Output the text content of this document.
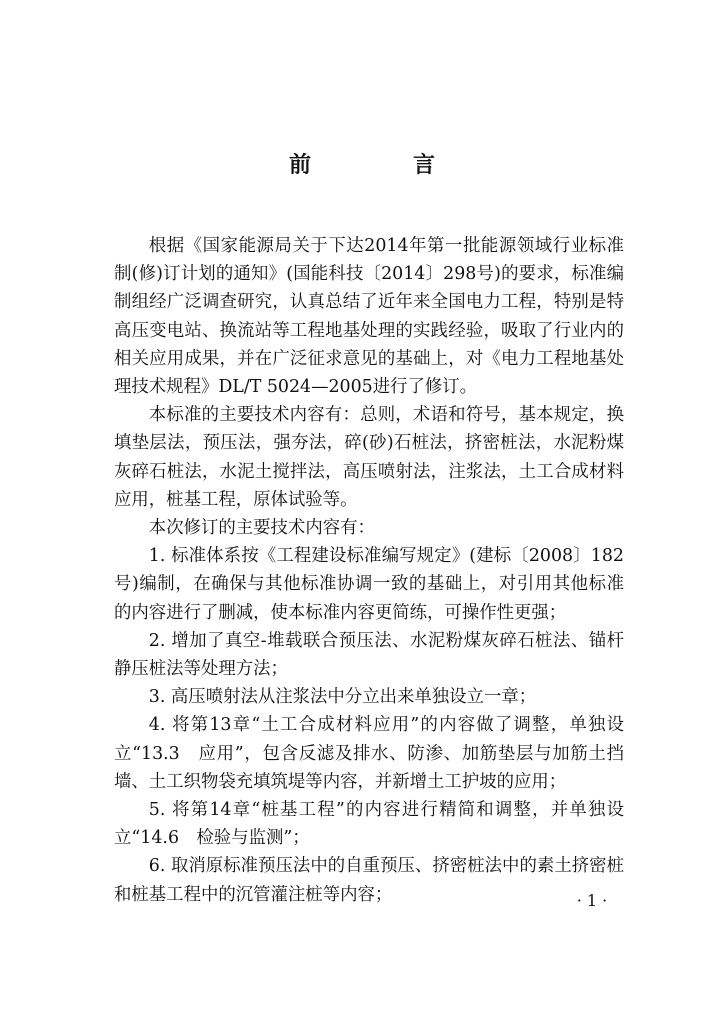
前　言

根据《国家能源局关于下达2014年第一批能源领域行业标准制(修)订计划的通知》(国能科技〔2014〕298号)的要求，标准编制组经广泛调查研究，认真总结了近年来全国电力工程，特别是特高压变电站、换流站等工程地基处理的实践经验，吸取了行业内的相关应用成果，并在广泛征求意见的基础上，对《电力工程地基处理技术规程》DL/T 5024—2005进行了修订。

本标准的主要技术内容有：总则，术语和符号，基本规定，换填垫层法，预压法，强夯法，碎(砂)石桩法，挤密桩法，水泥粉煤灰碎石桩法，水泥土搅拌法，高压喷射法，注浆法，土工合成材料应用，桩基工程，原体试验等。

本次修订的主要技术内容有：

1. 标准体系按《工程建设标准编写规定》(建标〔2008〕182号)编制，在确保与其他标准协调一致的基础上，对引用其他标准的内容进行了删减，使本标准内容更简练，可操作性更强；

2. 增加了真空-堆载联合预压法、水泥粉煤灰碎石桩法、锚杆静压桩法等处理方法；

3. 高压喷射法从注浆法中分立出来单独设立一章；

4. 将第13章“土工合成材料应用”的内容做了调整，单独设立“13.3　应用”，包含反滤及排水、防渗、加筋垫层与加筋土挡墙、土工织物袋充填筑堤等内容，并新增土工护坡的应用；

5. 将第14章“桩基工程”的内容进行精简和调整，并单独设立“14.6　检验与监测”；

6. 取消原标准预压法中的自重预压、挤密桩法中的素土挤密桩和桩基工程中的沉管灌注桩等内容；	· 1 ·
